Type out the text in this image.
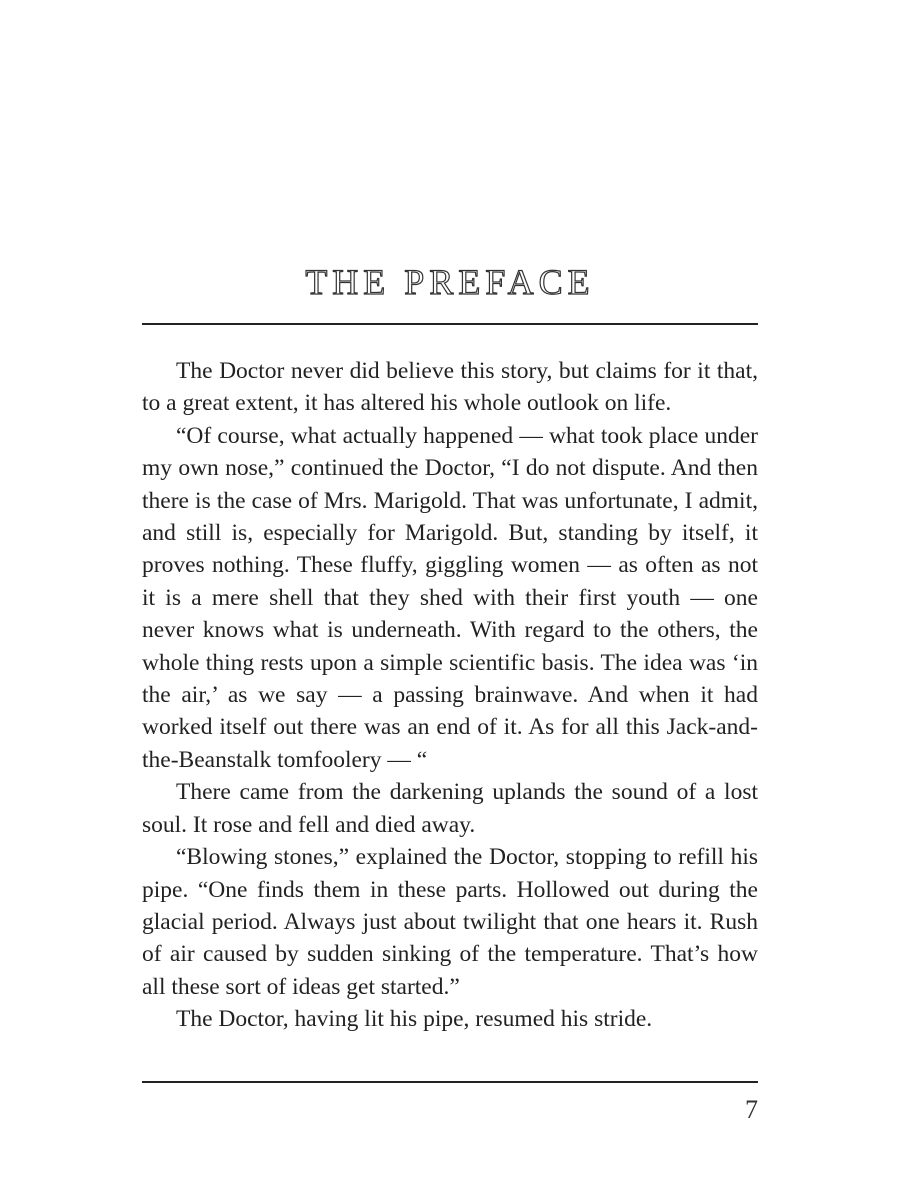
THE PREFACE

The Doctor never did believe this story, but claims for it that, to a great extent, it has altered his whole outlook on life.

“Of course, what actually happened — what took place under my own nose,” continued the Doctor, “I do not dispute. And then there is the case of Mrs. Marigold. That was unfortunate, I admit, and still is, especially for Marigold. But, standing by itself, it proves nothing. These fluffy, giggling women — as often as not it is a mere shell that they shed with their first youth — one never knows what is underneath. With regard to the others, the whole thing rests upon a simple scientific basis. The idea was ‘in the air,’ as we say — a passing brainwave. And when it had worked itself out there was an end of it. As for all this Jack-and-the-Beanstalk tomfoolery — “

There came from the darkening uplands the sound of a lost soul. It rose and fell and died away.

“Blowing stones,” explained the Doctor, stopping to refill his pipe. “One finds them in these parts. Hollowed out during the glacial period. Always just about twilight that one hears it. Rush of air caused by sudden sinking of the temperature. That’s how all these sort of ideas get started.”

The Doctor, having lit his pipe, resumed his stride.

7
